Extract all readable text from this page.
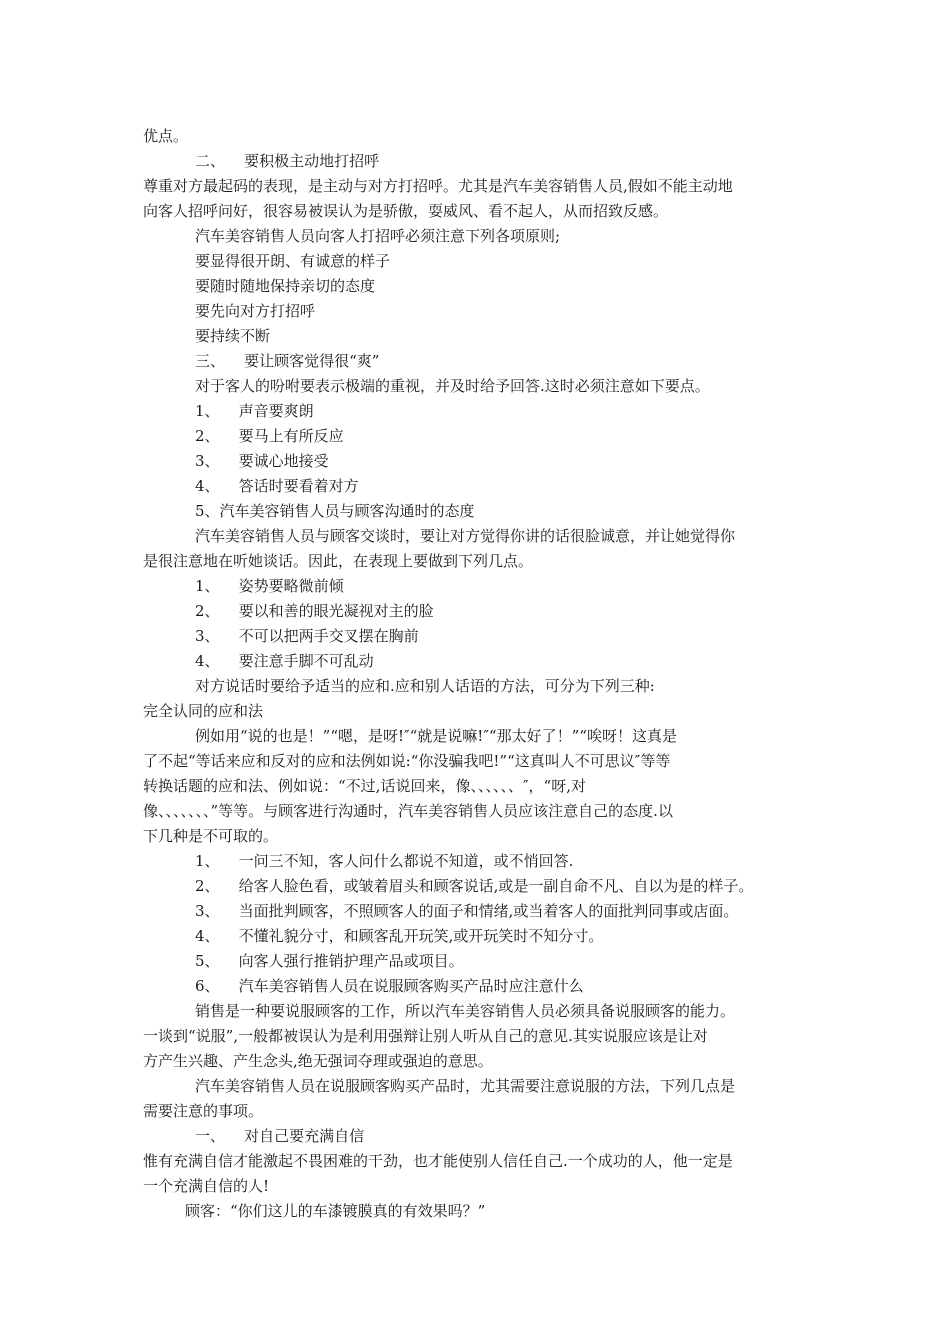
优点。
二、    要积极主动地打招呼
尊重对方最起码的表现，是主动与对方打招呼。尤其是汽车美容销售人员,假如不能主动地
向客人招呼问好，很容易被误认为是骄傲，耍威风、看不起人，从而招致反感。
汽车美容销售人员向客人打招呼必须注意下列各项原则;
要显得很开朗、有诚意的样子
要随时随地保持亲切的态度
要先向对方打招呼
要持续不断
三、    要让顾客觉得很“爽”
对于客人的吩咐要表示极端的重视，并及时给予回答.这时必须注意如下要点。
1、    声音要爽朗
2、    要马上有所反应
3、    要诚心地接受
4、    答话时要看着对方
5、汽车美容销售人员与顾客沟通时的态度
汽车美容销售人员与顾客交谈时，要让对方觉得你讲的话很脸诚意，并让她觉得你
是很注意地在听她谈话。因此，在表现上要做到下列几点。
1、    姿势要略微前倾
2、    要以和善的眼光凝视对主的脸
3、    不可以把两手交叉摆在胸前
4、    要注意手脚不可乱动
对方说话时要给予适当的应和.应和别人话语的方法，可分为下列三种:
完全认同的应和法
例如用“说的也是！”“嗯，是呀!″“就是说嘛!″“那太好了！”“唉呀！这真是
了不起“等话来应和反对的应和法例如说:“你没骗我吧!”“这真叫人不可思议″等等
转换话题的应和法、例如说：“不过,话说回来，像、、、、、、″，“呀,对
像、、、、、、、”等等。与顾客进行沟通时，汽车美容销售人员应该注意自己的态度.以
下几种是不可取的。
1、    一问三不知，客人问什么都说不知道，或不悄回答.
2、    给客人脸色看，或皱着眉头和顾客说话,或是一副自命不凡、自以为是的样子。
3、    当面批判顾客，不照顾客人的面子和情绪,或当着客人的面批判同事或店面。
4、    不懂礼貌分寸，和顾客乱开玩笑,或开玩笑时不知分寸。
5、    向客人强行推销护理产品或项目。
6、    汽车美容销售人员在说服顾客购买产品时应注意什么
销售是一种要说服顾客的工作，所以汽车美容销售人员必须具备说服顾客的能力。
一谈到“说服”,一般都被误认为是利用强辩让别人听从自己的意见.其实说服应该是让对
方产生兴趣、产生念头,绝无强词夺理或强迫的意思。
汽车美容销售人员在说服顾客购买产品时，尤其需要注意说服的方法，下列几点是
需要注意的事项。
一、    对自己要充满自信
惟有充满自信才能激起不畏困难的干劲，也才能使别人信任自己.一个成功的人，他一定是
一个充满自信的人!
顾客：“你们这儿的车漆镀膜真的有效果吗？”
